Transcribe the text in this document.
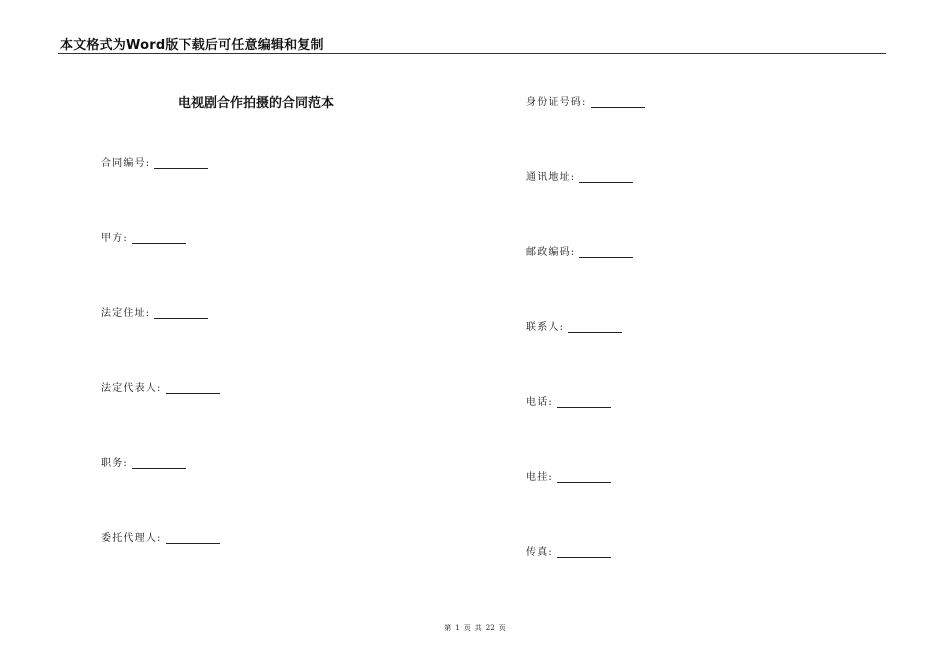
本文格式为Word版下载后可任意编辑和复制
电视剧合作拍摄的合同范本
合同编号:
甲方:
法定住址:
法定代表人:
职务:
委托代理人:
身份证号码:
通讯地址:
邮政编码:
联系人:
电话:
电挂:
传真:
第 1 页 共 22 页
